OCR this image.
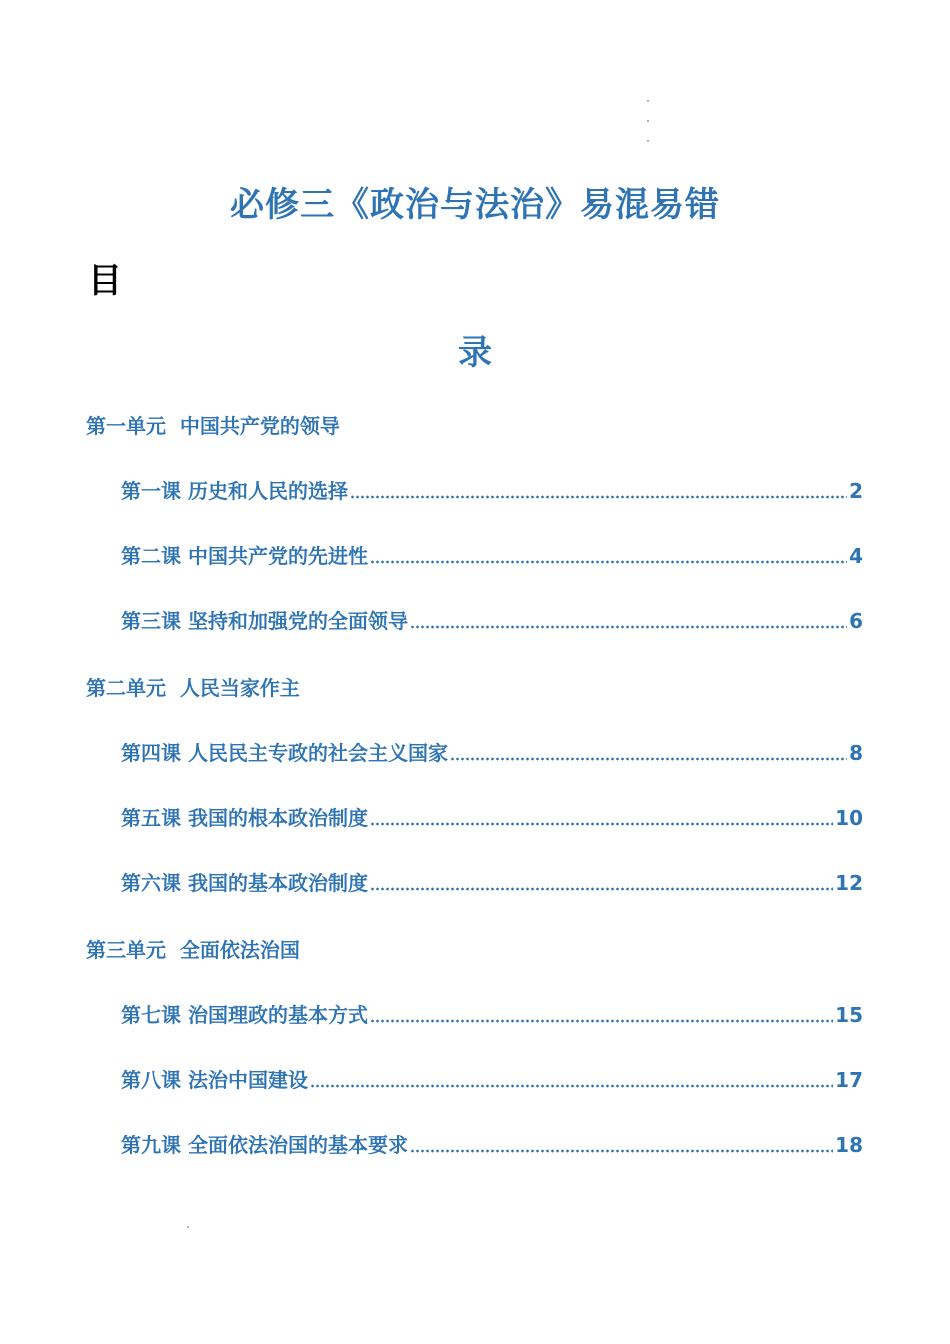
必修三《政治与法治》易混易错
目
录
第一单元  中国共产党的领导
第一课 历史和人民的选择	2
第二课 中国共产党的先进性	4
第三课 坚持和加强党的全面领导	6
第二单元  人民当家作主
第四课 人民民主专政的社会主义国家	8
第五课 我国的根本政治制度	10
第六课 我国的基本政治制度	12
第三单元  全面依法治国
第七课 治国理政的基本方式	15
第八课 法治中国建设	17
第九课 全面依法治国的基本要求	18
